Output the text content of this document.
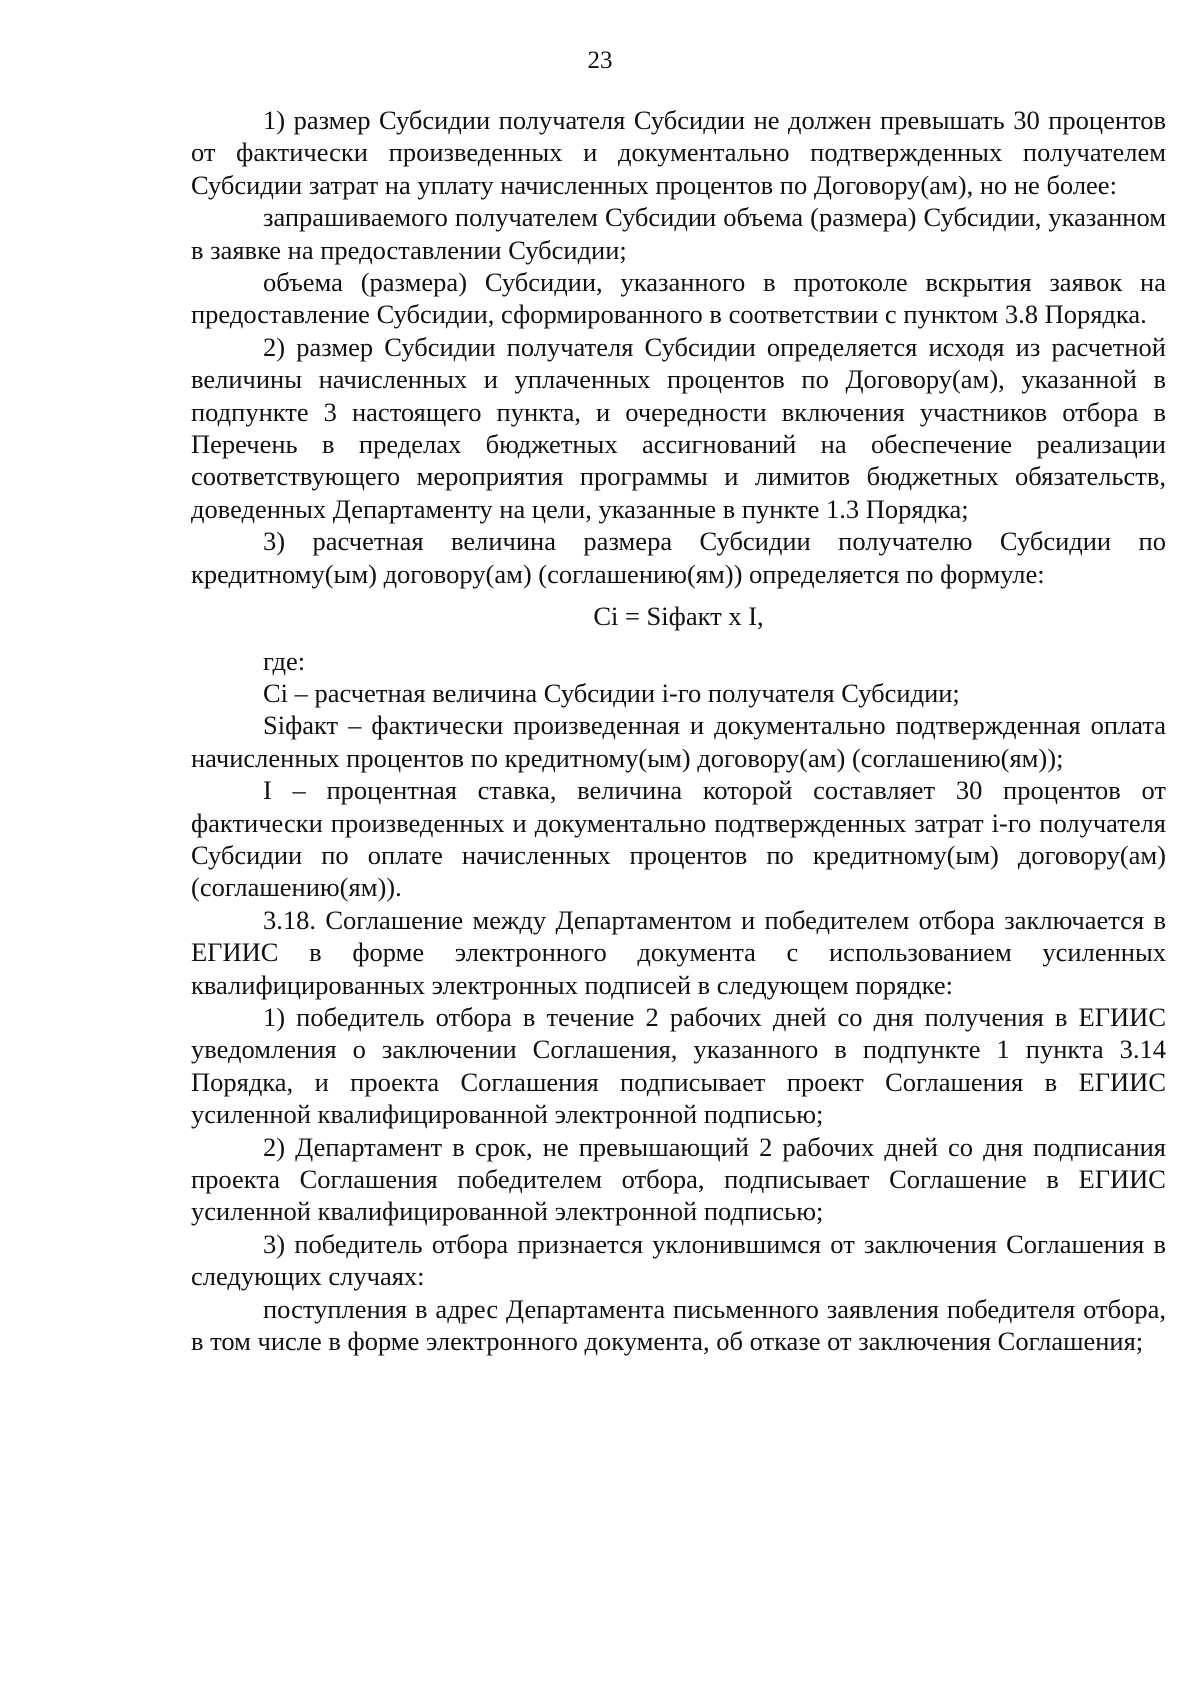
23

1) размер Субсидии получателя Субсидии не должен превышать 30 процентов от фактически произведенных и документально подтвержденных получателем Субсидии затрат на уплату начисленных процентов по Договору(ам), но не более:

запрашиваемого получателем Субсидии объема (размера) Субсидии, указанном в заявке на предоставлении Субсидии;

объема (размера) Субсидии, указанного в протоколе вскрытия заявок на предоставление Субсидии, сформированного в соответствии с пунктом 3.8 Порядка.

2) размер Субсидии получателя Субсидии определяется исходя из расчетной величины начисленных и уплаченных процентов по Договору(ам), указанной в подпункте 3 настоящего пункта, и очередности включения участников отбора в Перечень в пределах бюджетных ассигнований на обеспечение реализации соответствующего мероприятия программы и лимитов бюджетных обязательств, доведенных Департаменту на цели, указанные в пункте 1.3 Порядка;

3) расчетная величина размера Субсидии получателю Субсидии по кредитному(ым) договору(ам) (соглашению(ям)) определяется по формуле:

Ci = Siфакт x I,

где:

Ci – расчетная величина Субсидии i-го получателя Субсидии;

Siфакт – фактически произведенная и документально подтвержденная оплата начисленных процентов по кредитному(ым) договору(ам) (соглашению(ям));

I – процентная ставка, величина которой составляет 30 процентов от фактически произведенных и документально подтвержденных затрат i-го получателя Субсидии по оплате начисленных процентов по кредитному(ым) договору(ам) (соглашению(ям)).

3.18. Соглашение между Департаментом и победителем отбора заключается в ЕГИИС в форме электронного документа с использованием усиленных квалифицированных электронных подписей в следующем порядке:

1) победитель отбора в течение 2 рабочих дней со дня получения в ЕГИИС уведомления о заключении Соглашения, указанного в подпункте 1 пункта 3.14 Порядка, и проекта Соглашения подписывает проект Соглашения в ЕГИИС усиленной квалифицированной электронной подписью;

2) Департамент в срок, не превышающий 2 рабочих дней со дня подписания проекта Соглашения победителем отбора, подписывает Соглашение в ЕГИИС усиленной квалифицированной электронной подписью;

3) победитель отбора признается уклонившимся от заключения Соглашения в следующих случаях:

поступления в адрес Департамента письменного заявления победителя отбора, в том числе в форме электронного документа, об отказе от заключения Соглашения;
